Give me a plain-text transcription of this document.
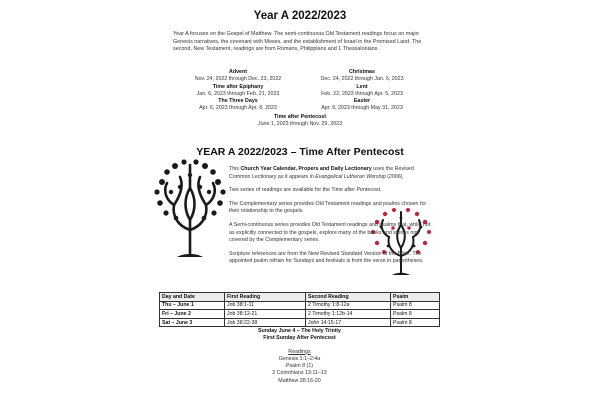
Year A 2022/2023
Year A focuses on the Gospel of Matthew. The semi-continuous Old Testament readings focus on major Genesis narratives, the covenant with Moses, and the establishment of Israel in the Promised Land. The second, New Testament, readings are from Romans, Philippians and 1 Thessalonians.
Advent
Nov. 24, 2022 through Dec. 23, 2022
Time after Epiphany
Jan. 6, 2023 through Feb. 21, 2023
The Three Days
Apr. 6, 2023 through Apr. 8, 2023
Christmas
Dec. 24, 2022 through Jan. 6, 2023
Lent
Feb. 22, 2023 through Apr. 5, 2023
Easter
Apr. 9, 2023 through May 31, 2023
Time after Pentecost
June 1, 2023 through Nov. 29, 2023
YEAR A 2022/2023 – Time After Pentecost

This Church Year Calendar, Propers and Daily Lectionary uses the Revised Common Lectionary as it appears in Evangelical Lutheran Worship (2006).

Two series of readings are available for the Time after Pentecost.

The Complementary series provides Old Testament readings and psalms chosen for their relationship to the gospels.

A Semi-continuous series provides Old Testament readings and psalms that, while not as explicitly connected to the gospels, explore many of the books and stories not covered by the Complementary series.

Scripture references are from the New Revised Standard Version of the Bible. The appointed psalm refrain for Sundays and festivals is from the verse in parentheses.

Day and Date	First Reading	Second Reading	Psalm
Thu – June 1	Job 38:1-11	2 Timothy 1:8-12a	Psalm 8
Fri – June 2	Job 38:12-21	2 Timothy 1:12b-14	Psalm 8
Sat – June 3	Job 38:22-38	John 14:15-17	Psalm 8
Sunday June 4 – The Holy Trinity
First Sunday After Pentecost
Readings
Genesis 1:1–2:4a
Psalm 8 (1)
2 Corinthians 13:11–13
Matthew 28:16-20
